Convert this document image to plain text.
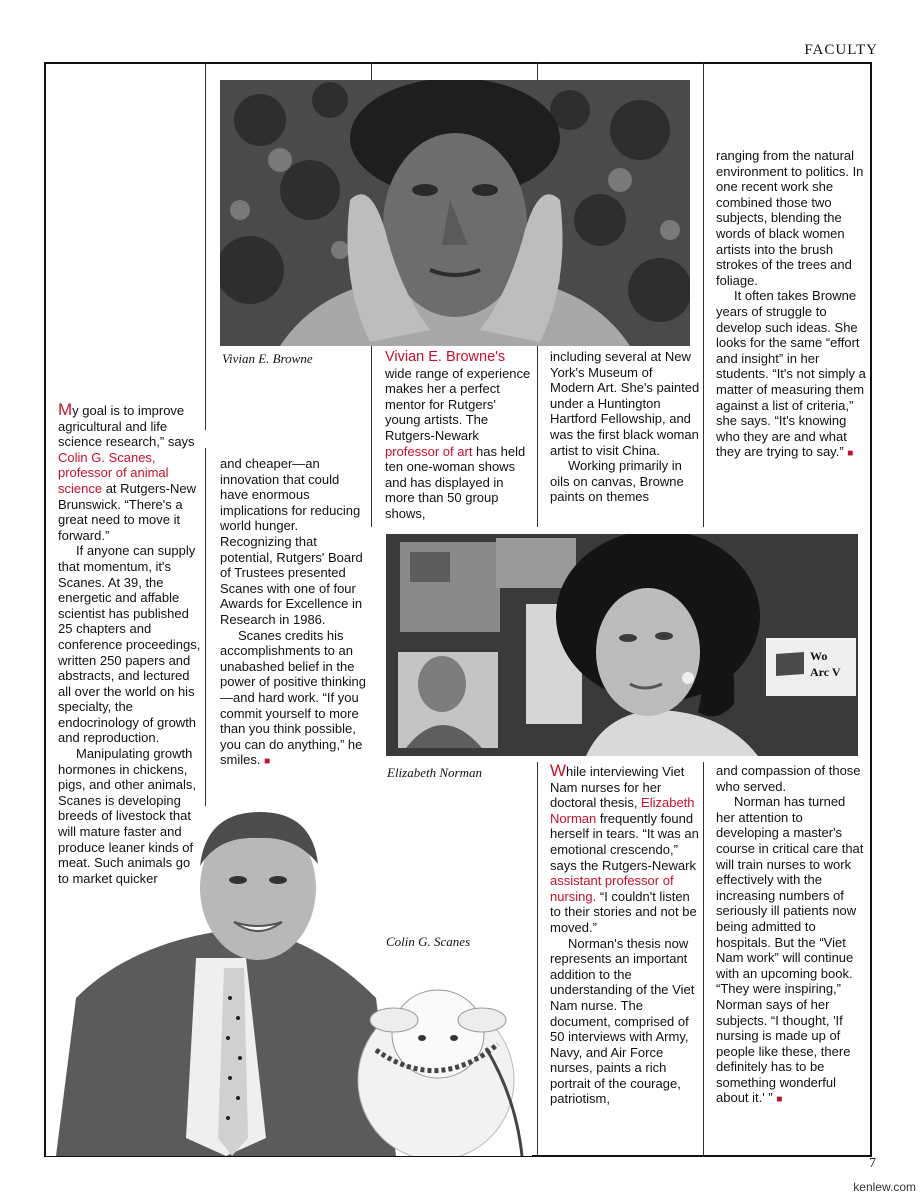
FACULTY
7
kenlew.com
Vivian E. Browne
Wo
Arc V
Elizabeth Norman
Colin G. Scanes

My goal is to improve agricultural and life science research,” says Colin G. Scanes, professor of animal science at Rutgers-New Brunswick. “There's a great need to move it forward.”

If anyone can supply that momentum, it's Scanes. At 39, the energetic and affable scientist has published 25 chapters and conference proceedings, written 250 papers and abstracts, and lectured all over the world on his specialty, the endocrinology of growth and reproduction.

Manipulating growth hormones in chickens, pigs, and other animals, Scanes is developing breeds of livestock that will mature faster and produce leaner kinds of meat. Such animals go to market quicker

and cheaper—an innovation that could have enormous implications for reducing world hunger. Recognizing that potential, Rutgers' Board of Trustees presented Scanes with one of four Awards for Excellence in Research in 1986.

Scanes credits his accomplishments to an unabashed belief in the power of positive thinking—and hard work. “If you commit yourself to more than you think possible, you can do anything,” he smiles. ■

Vivian E. Browne's wide range of experience makes her a perfect mentor for Rutgers' young artists. The Rutgers-Newark professor of art has held ten one-woman shows and has displayed in more than 50 group shows,

including several at New York's Museum of Modern Art. She's painted under a Huntington Hartford Fellowship, and was the first black woman artist to visit China.

Working primarily in oils on canvas, Browne paints on themes

ranging from the natural environment to politics. In one recent work she combined those two subjects, blending the words of black women artists into the brush strokes of the trees and foliage.

It often takes Browne years of struggle to develop such ideas. She looks for the same “effort and insight” in her students. “It's not simply a matter of measuring them against a list of criteria,” she says. “It's knowing who they are and what they are trying to say.” ■

While interviewing Viet Nam nurses for her doctoral thesis, Elizabeth Norman frequently found herself in tears. “It was an emotional crescendo,” says the Rutgers-Newark assistant professor of nursing. “I couldn't listen to their stories and not be moved.”

Norman's thesis now represents an important addition to the understanding of the Viet Nam nurse. The document, comprised of 50 interviews with Army, Navy, and Air Force nurses, paints a rich portrait of the courage, patriotism,

and compassion of those who served.

Norman has turned her attention to developing a master's course in critical care that will train nurses to work effectively with the increasing numbers of seriously ill patients now being admitted to hospitals. But the “Viet Nam work” will continue with an upcoming book. “They were inspiring,” Norman says of her subjects. “I thought, 'If nursing is made up of people like these, there definitely has to be something wonderful about it.' ” ■
